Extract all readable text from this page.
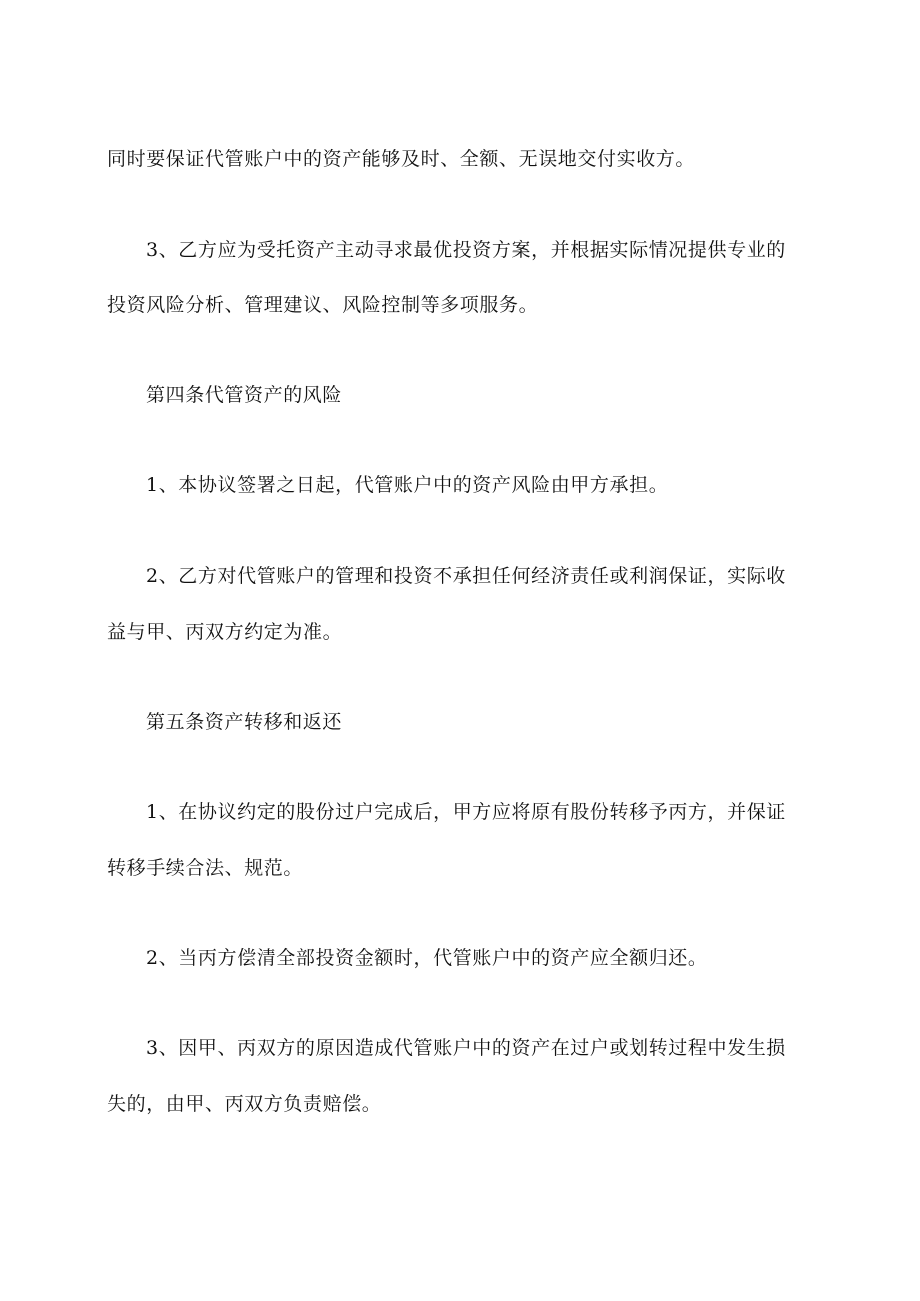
同时要保证代管账户中的资产能够及时、全额、无误地交付实收方。
3、乙方应为受托资产主动寻求最优投资方案，并根据实际情况提供专业的
投资风险分析、管理建议、风险控制等多项服务。
第四条代管资产的风险
1、本协议签署之日起，代管账户中的资产风险由甲方承担。
2、乙方对代管账户的管理和投资不承担任何经济责任或利润保证，实际收
益与甲、丙双方约定为准。
第五条资产转移和返还
1、在协议约定的股份过户完成后，甲方应将原有股份转移予丙方，并保证
转移手续合法、规范。
2、当丙方偿清全部投资金额时，代管账户中的资产应全额归还。
3、因甲、丙双方的原因造成代管账户中的资产在过户或划转过程中发生损
失的，由甲、丙双方负责赔偿。
